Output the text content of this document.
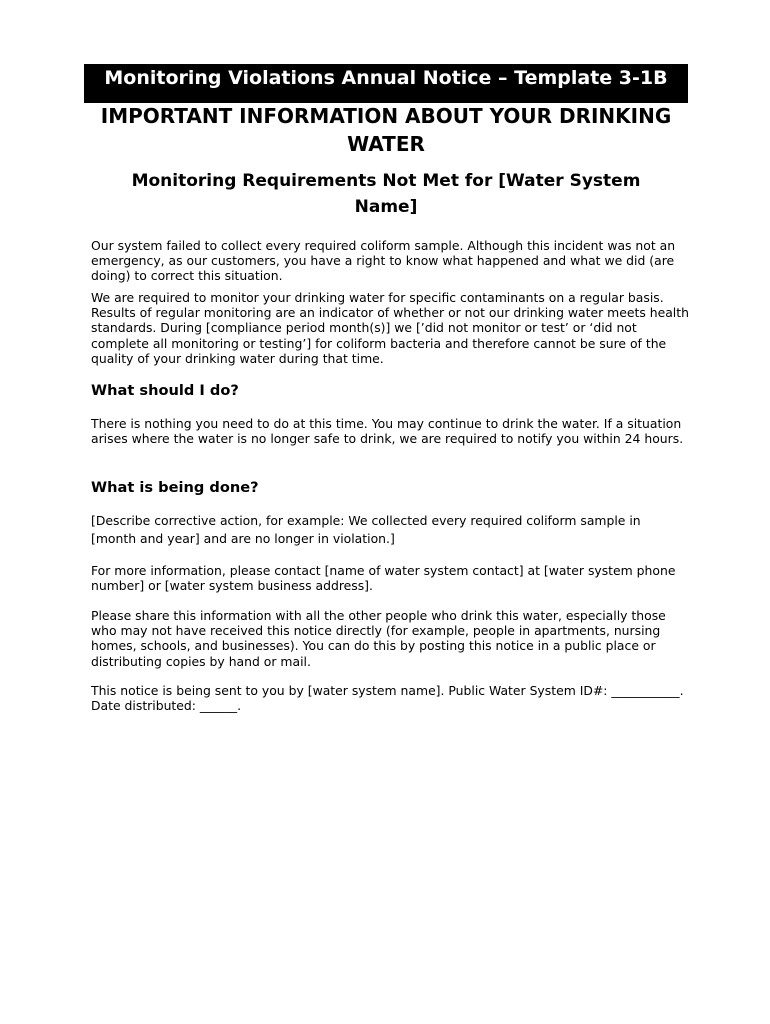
Monitoring Violations Annual Notice – Template 3-1B
IMPORTANT INFORMATION ABOUT YOUR DRINKING WATER
Monitoring Requirements Not Met for [Water System Name]

Our system failed to collect every required coliform sample. Although this incident was not an emergency, as our customers, you have a right to know what happened and what we did (are doing) to correct this situation.

We are required to monitor your drinking water for specific contaminants on a regular basis. Results of regular monitoring are an indicator of whether or not our drinking water meets health standards. During [compliance period month(s)] we [’did not monitor or test’ or ‘did not complete all monitoring or testing’] for coliform bacteria and therefore cannot be sure of the quality of your drinking water during that time.

What should I do?

There is nothing you need to do at this time. You may continue to drink the water. If a situation arises where the water is no longer safe to drink, we are required to notify you within 24 hours.

What is being done?

[Describe corrective action, for example: We collected every required coliform sample in [month and year] and are no longer in violation.]

For more information, please contact [name of water system contact] at [water system phone number] or [water system business address].

Please share this information with all the other people who drink this water, especially those who may not have received this notice directly (for example, people in apartments, nursing homes, schools, and businesses). You can do this by posting this notice in a public place or distributing copies by hand or mail.

This notice is being sent to you by [water system name]. Public Water System ID#: ___________.
Date distributed: ______.
